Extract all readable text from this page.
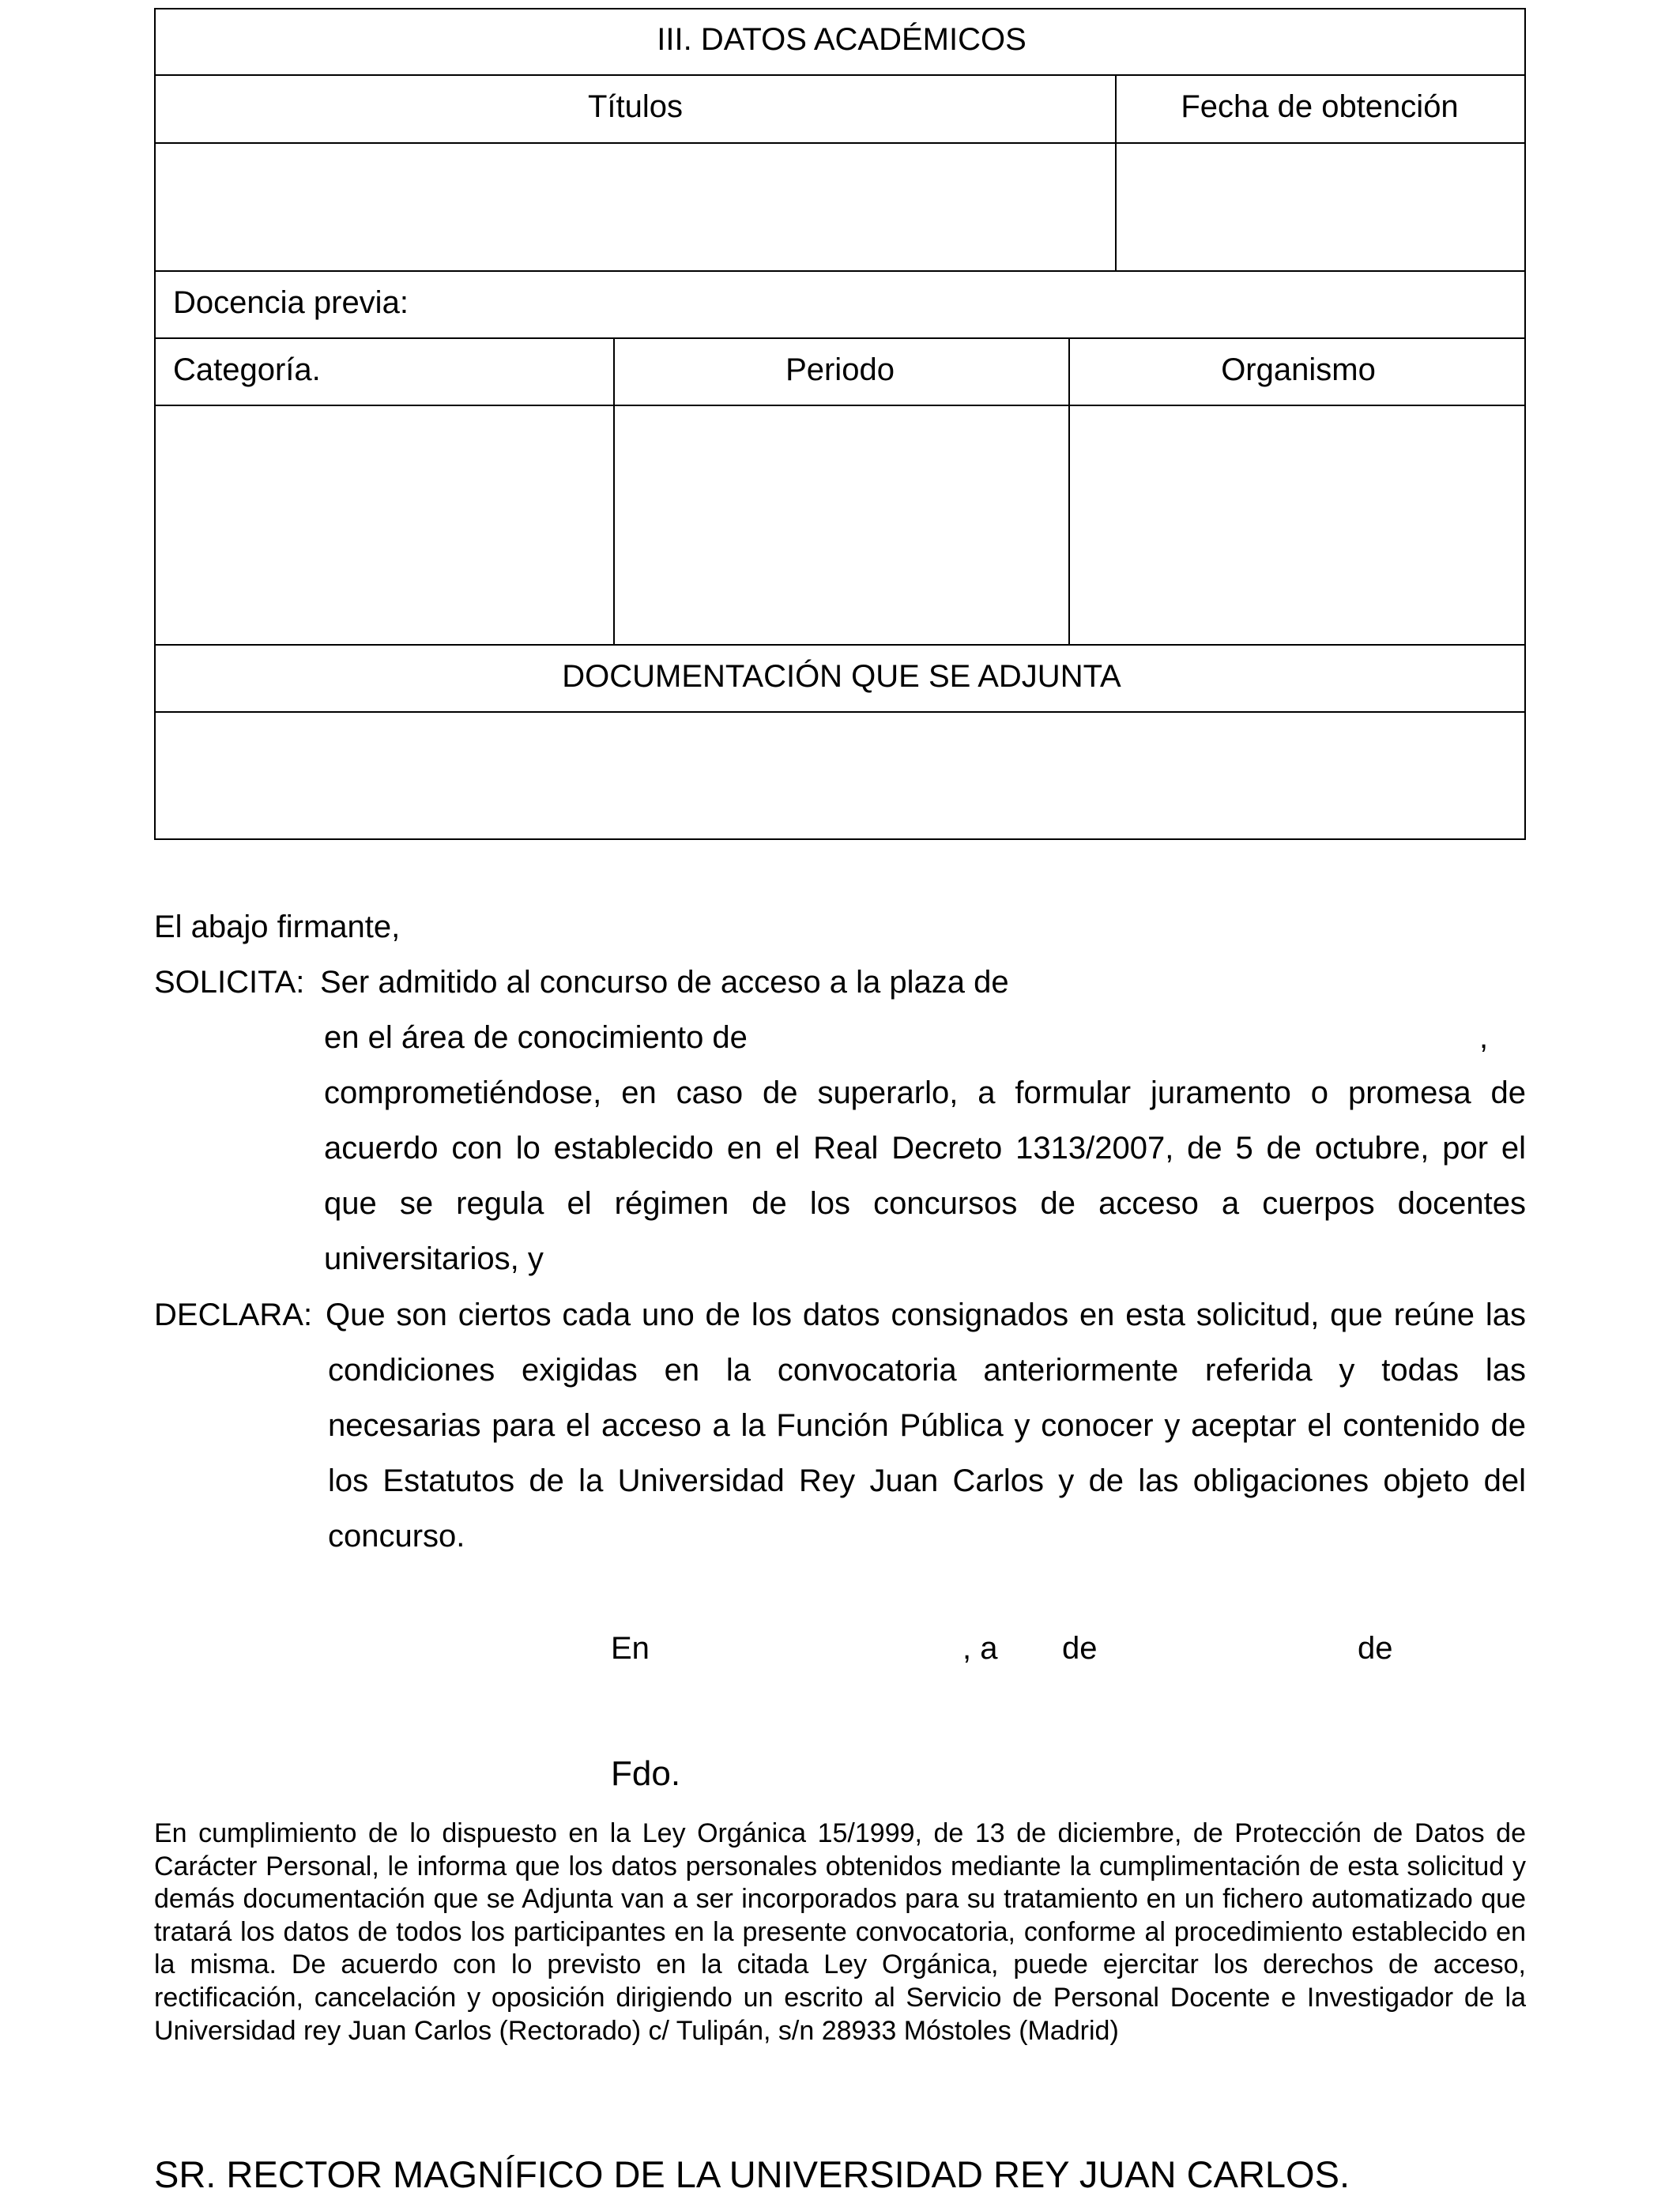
III. DATOS ACADÉMICOS
Títulos	Fecha de obtención
Docencia previa:
Categoría.	Periodo	Organismo
DOCUMENTACIÓN QUE SE ADJUNTA
El abajo firmante,
SOLICITA: Ser admitido al concurso de acceso a la plaza de
en el área de conocimiento de	,
comprometiéndose, en caso de superarlo, a formular juramento o promesa de
acuerdo con lo establecido en el Real Decreto 1313/2007, de 5 de octubre, por el
que se regula el régimen de los concursos de acceso a cuerpos docentes
universitarios, y
DECLARA: Que son ciertos cada uno de los datos consignados en esta solicitud, que reúne las
condiciones exigidas en la convocatoria anteriormente referida y todas las
necesarias para el acceso a la Función Pública y conocer y aceptar el contenido de
los Estatutos de la Universidad Rey Juan Carlos y de las obligaciones objeto del
concurso.
En	, a de	de
Fdo.
En cumplimiento de lo dispuesto en la Ley Orgánica 15/1999, de 13 de diciembre, de Protección de Datos de Carácter Personal, le informa que los datos personales obtenidos mediante la cumplimentación de esta solicitud y demás documentación que se Adjunta van a ser incorporados para su tratamiento en un fichero automatizado que tratará los datos de todos los participantes en la presente convocatoria, conforme al procedimiento establecido en la misma. De acuerdo con lo previsto en la citada Ley Orgánica, puede ejercitar los derechos de acceso, rectificación, cancelación y oposición dirigiendo un escrito al Servicio de Personal Docente e Investigador de la Universidad rey Juan Carlos (Rectorado) c/ Tulipán, s/n 28933 Móstoles (Madrid)
SR. RECTOR MAGNÍFICO DE LA UNIVERSIDAD REY JUAN CARLOS.
